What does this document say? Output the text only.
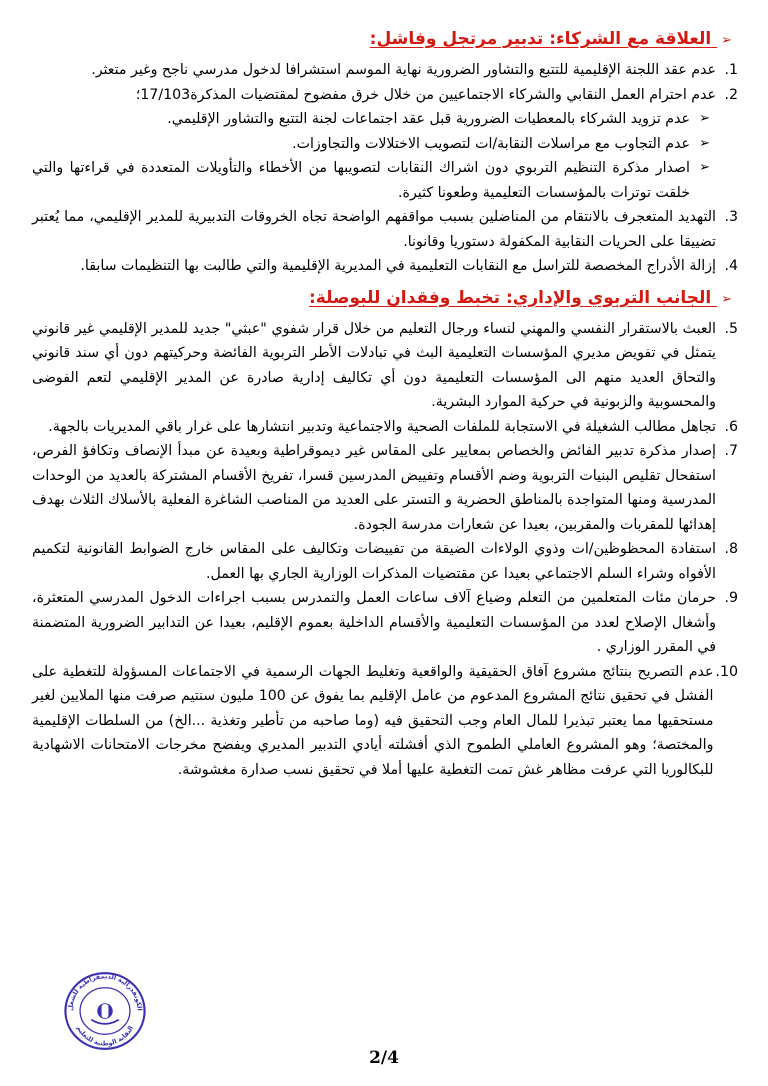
➢ العلاقة مع الشركاء: تدبير مرتجل وفاشل:
1.
عدم عقد اللجنة الإقليمية للتتبع والتشاور الضرورية نهاية الموسم استشرافا لدخول مدرسي ناجح وغير متعثر.
2.
عدم احترام العمل النقابي والشركاء الاجتماعيين من خلال خرق مفضوح لمقتضيات المذكرة17/103؛
➢
عدم تزويد الشركاء بالمعطيات الضرورية قبل عقد اجتماعات لجنة التتبع والتشاور الإقليمي.
➢
عدم التجاوب مع مراسلات النقابة/ات لتصويب الاختلالات والتجاوزات.
➢
اصدار مذكرة التنظيم التربوي دون اشراك النقابات لتصويبها من الأخطاء والتأويلات المتعددة في قراءتها والتي خلقت توترات بالمؤسسات التعليمية وطعونا كثيرة.
3.
التهديد المتعجرف بالانتقام من المناضلين بسبب مواقفهم الواضحة تجاه الخروقات التدبيرية للمدير الإقليمي، مما يُعتبر تضييقا على الحريات النقابية المكفولة دستوريا وقانونا.
4.
إزالة الأدراج المخصصة للتراسل مع النقابات التعليمية في المديرية الإقليمية والتي طالبت بها التنظيمات سابقا.
➢ الجانب التربوي والإداري: تخبط وفقدان للبوصلة:
5.
العبث بالاستقرار النفسي والمهني لنساء ورجال التعليم من خلال قرار شفوي "عبثي" جديد للمدير الإقليمي غير قانوني يتمثل في تفويض مديري المؤسسات التعليمية البث في تبادلات الأطر التربوية الفائضة وحركيتهم دون أي سند قانوني والتحاق العديد منهم الى المؤسسات التعليمية دون أي تكاليف إدارية صادرة عن المدير الإقليمي لتعم الفوضى والمحسوبية والزبونية في حركية الموارد البشرية.
6.
تجاهل مطالب الشغيلة في الاستجابة للملفات الصحية والاجتماعية وتدبير انتشارها على غرار باقي المديريات بالجهة.
7.
إصدار مذكرة تدبير الفائض والخصاص بمعايير على المقاس غير ديموقراطية وبعيدة عن مبدأ الإنصاف وتكافؤ الفرص، استفحال تقليص البنيات التربوية وضم الأقسام وتفييض المدرسين قسرا، تفريخ الأقسام المشتركة بالعديد من الوحدات المدرسية ومنها المتواجدة بالمناطق الحضرية و التستر على العديد من المناصب الشاغرة الفعلية بالأسلاك الثلاث بهدف إهدائها للمقربات والمقربين، بعيدا عن شعارات مدرسة الجودة.
8.
استفادة المحظوظين/ات وذوي الولاءات الضيقة من تفييضات وتكاليف على المقاس خارج الضوابط القانونية لتكميم الأفواه وشراء السلم الاجتماعي بعيدا عن مقتضيات المذكرات الوزارية الجاري بها العمل.
9.
حرمان مئات المتعلمين من التعلم وضياع آلاف ساعات العمل والتمدرس بسبب اجراءات الدخول المدرسي المتعثرة، وأشغال الإصلاح لعدد من المؤسسات التعليمية والأقسام الداخلية بعموم الإقليم، بعيدا عن التدابير الضرورية المتضمنة في المقرر الوزاري .
10.
عدم التصريح بنتائج مشروع آفاق الحقيقية والواقعية وتغليط الجهات الرسمية في الاجتماعات المسؤولة للتغطية على الفشل في تحقيق نتائج المشروع المدعوم من عامل الإقليم بما يفوق عن 100 مليون سنتيم صرفت منها الملايين لغير مستحقيها مما يعتبر تبذيرا للمال العام وجب التحقيق فيه (وما صاحبه من تأطير وتغذية ...الخ) من السلطات الإقليمية والمختصة؛ وهو المشروع العاملي الطموح الذي أفشلته أيادي التدبير المديري ويفضح مخرجات الامتحانات الاشهادية للبكالوريا التي عرفت مظاهر غش تمت التغطية عليها أملا في تحقيق نسب صدارة مغشوشة.
الكونفدرالية الديمقراطية للشغل
النقابة الوطنية للتعليم
2/4
